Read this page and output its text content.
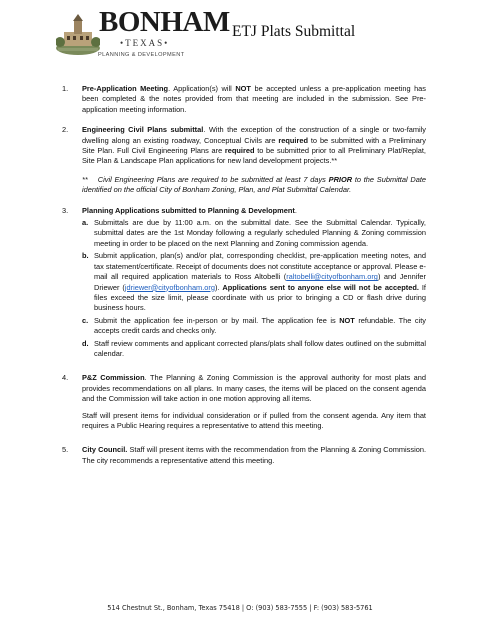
BONHAM
•TEXAS•
PLANNING & DEVELOPMENT
ETJ Plats Submittal
1. Pre-Application Meeting. Application(s) will NOT be accepted unless a pre-application meeting has been completed & the notes provided from that meeting are included in the submission. See Pre-application meeting information.
2. Engineering Civil Plans submittal. With the exception of the construction of a single or two-family dwelling along an existing roadway, Conceptual Civils are required to be submitted with a Preliminary Site Plan. Full Civil Engineering Plans are required to be submitted prior to all Preliminary Plat/Replat, Site Plan & Landscape Plan applications for new land development projects.**

** Civil Engineering Plans are required to be submitted at least 7 days PRIOR to the Submittal Date identified on the official City of Bonham Zoning, Plan, and Plat Submittal Calendar.

3. Planning Applications submitted to Planning & Development.
a. Submittals are due by 11:00 a.m. on the submittal date. See the Submittal Calendar. Typically, submittal dates are the 1st Monday following a regularly scheduled Planning & Zoning commission meeting in order to be placed on the next Planning and Zoning commission agenda.
b. Submit application, plan(s) and/or plat, corresponding checklist, pre-application meeting notes, and tax statement/certificate. Receipt of documents does not constitute acceptance or approval. Please e-mail all required application materials to Ross Altobelli (raltobelli@cityofbonham.org) and Jennifer Driewer (jdriewer@cityofbonham.org). Applications sent to anyone else will not be accepted. If files exceed the size limit, please coordinate with us prior to bringing a CD or flash drive during business hours.
c. Submit the application fee in-person or by mail. The application fee is NOT refundable. The city accepts credit cards and checks only.
d. Staff review comments and applicant corrected plans/plats shall follow dates outlined on the submittal calendar.
4. P&Z Commission. The Planning & Zoning Commission is the approval authority for most plats and provides recommendations on all plans. In many cases, the items will be placed on the consent agenda and the Commission will take action in one motion approving all items.

Staff will present items for individual consideration or if pulled from the consent agenda. Any item that requires a Public Hearing requires a representative to attend this meeting.

5. City Council. Staff will present items with the recommendation from the Planning & Zoning Commission. The city recommends a representative attend this meeting.
514 Chestnut St., Bonham, Texas 75418 | O: (903) 583-7555 | F: (903) 583-5761
